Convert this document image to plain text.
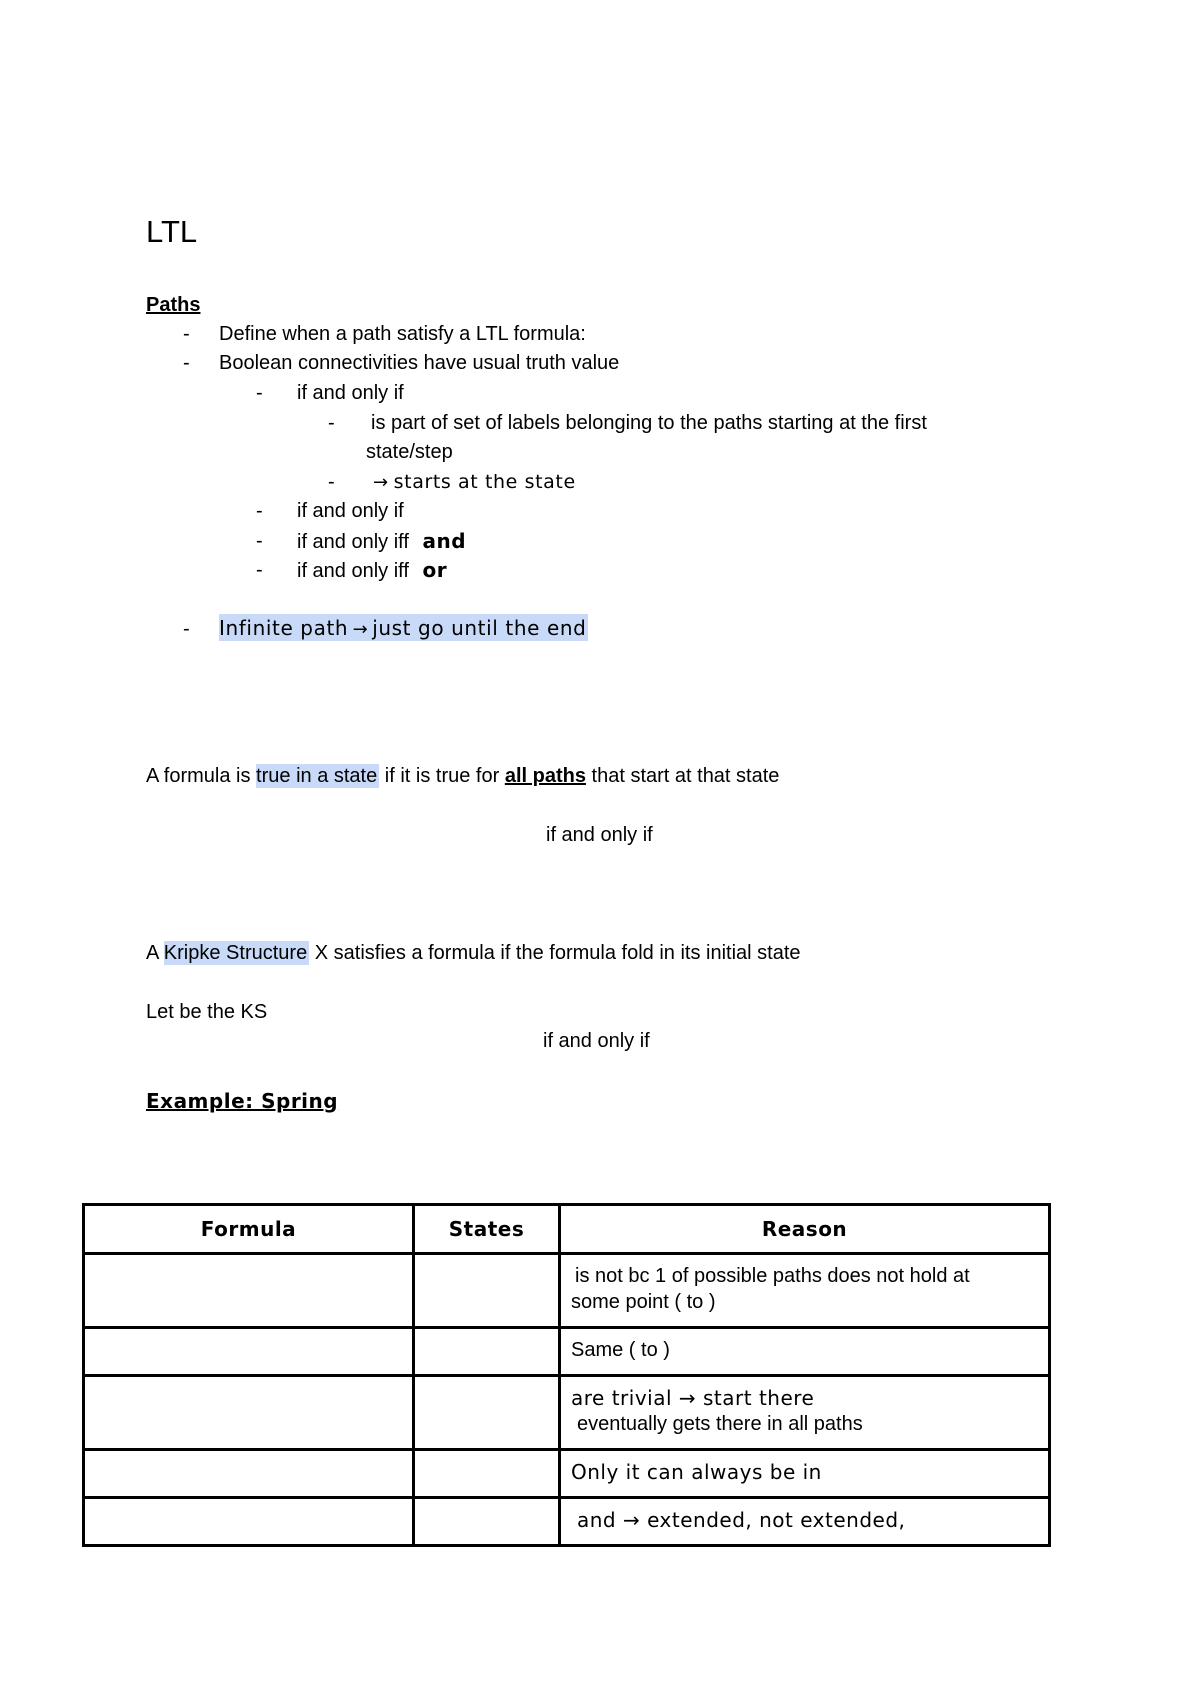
LTL
Paths
- Define when a path satisfy a LTL formula:
- Boolean connectivities have usual truth value
- if and only if
- is part of set of labels belonging to the paths starting at the first
state/step
- → starts at the state
- if and only if
- if and only iff and
- if and only iff or
- Infinite path → just go until the end
A formula is true in a state if it is true for all paths that start at that state
if and only if
A Kripke Structure X satisfies a formula if the formula fold in its initial state
Let be the KS
if and only if
Example: Spring
Formula	States	Reason

		is not bc 1 of possible paths does not hold at
some point ( to )

		Same ( to )

		are trivial → start there
eventually gets there in all paths

		Only it can always be in

		and → extended, not extended,
